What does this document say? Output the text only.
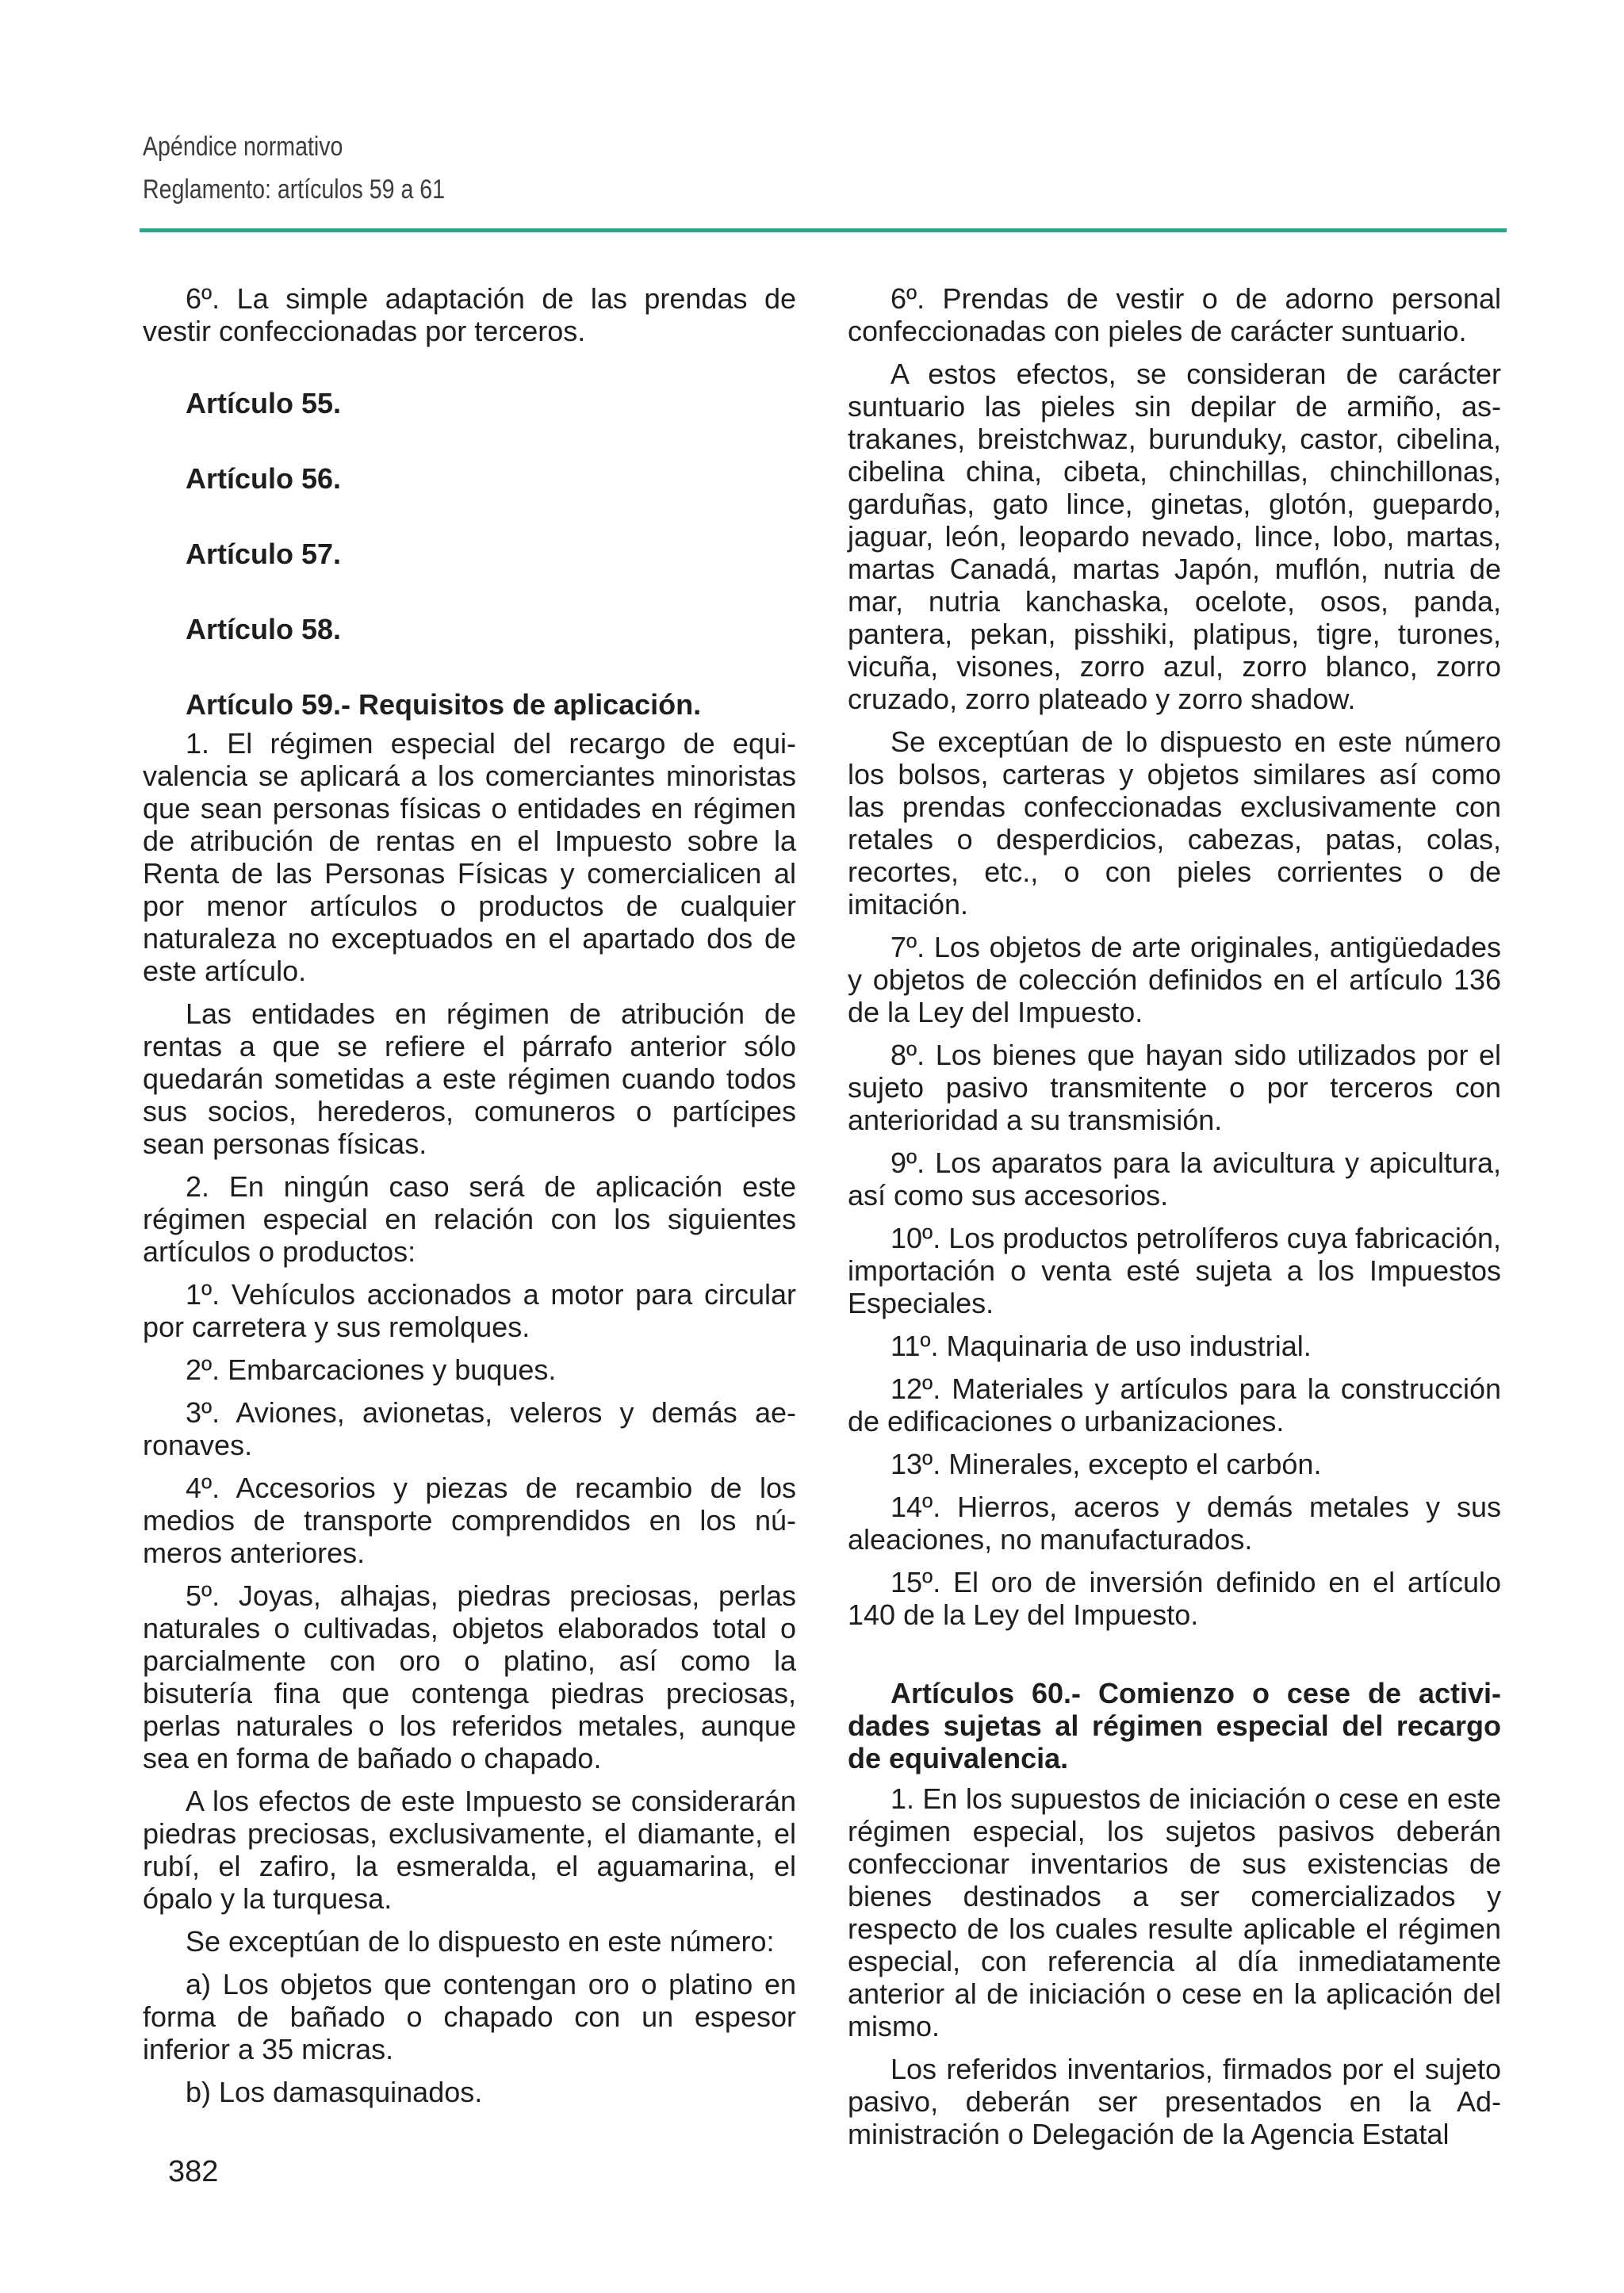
Apéndice normativo
Reglamento: artículos 59 a 61

6º. La simple adaptación de las prendas de vestir confeccionadas por terceros.

Artículo 55.
Artículo 56.
Artículo 57.
Artículo 58.
Artículo 59.- Requisitos de aplicación.

1. El régimen especial del recargo de equivalencia se aplicará a los comerciantes minoristas que sean personas físicas o entidades en régimen de atribución de rentas en el Impuesto sobre la Renta de las Personas Físicas y comercialicen al por menor artículos o productos de cualquier naturaleza no exceptuados en el apartado dos de este artículo.

Las entidades en régimen de atribución de rentas a que se refiere el párrafo anterior sólo quedarán sometidas a este régimen cuando todos sus socios, herederos, comuneros o partícipes sean personas físicas.

2. En ningún caso será de aplicación este régimen especial en relación con los siguientes artículos o productos:

1º. Vehículos accionados a motor para circular por carretera y sus remolques.

2º. Embarcaciones y buques.

3º. Aviones, avionetas, veleros y demás aeronaves.

4º. Accesorios y piezas de recambio de los medios de transporte comprendidos en los números anteriores.

5º. Joyas, alhajas, piedras preciosas, perlas naturales o cultivadas, objetos elaborados total o parcialmente con oro o platino, así como la bisutería fina que contenga piedras preciosas, perlas naturales o los referidos metales, aunque sea en forma de bañado o chapado.

A los efectos de este Impuesto se considerarán piedras preciosas, exclusivamente, el diamante, el rubí, el zafiro, la esmeralda, el aguamarina, el ópalo y la turquesa.

Se exceptúan de lo dispuesto en este número:

a) Los objetos que contengan oro o platino en forma de bañado o chapado con un espesor inferior a 35 micras.

b) Los damasquinados.

6º. Prendas de vestir o de adorno personal confeccionadas con pieles de carácter suntuario.

A estos efectos, se consideran de carácter suntuario las pieles sin depilar de armiño, astrakanes, breistchwaz, burunduky, castor, cibelina, cibelina china, cibeta, chinchillas, chinchillonas, garduñas, gato lince, ginetas, glotón, guepardo, jaguar, león, leopardo nevado, lince, lobo, martas, martas Canadá, martas Japón, muflón, nutria de mar, nutria kanchaska, ocelote, osos, panda, pantera, pekan, pisshiki, platipus, tigre, turones, vicuña, visones, zorro azul, zorro blanco, zorro cruzado, zorro plateado y zorro shadow.

Se exceptúan de lo dispuesto en este número los bolsos, carteras y objetos similares así como las prendas confeccionadas exclusivamente con retales o desperdicios, cabezas, patas, colas, recortes, etc., o con pieles corrientes o de imitación.

7º. Los objetos de arte originales, antigüedades y objetos de colección definidos en el artículo 136 de la Ley del Impuesto.

8º. Los bienes que hayan sido utilizados por el sujeto pasivo transmitente o por terceros con anterioridad a su transmisión.

9º. Los aparatos para la avicultura y apicultura, así como sus accesorios.

10º. Los productos petrolíferos cuya fabricación, importación o venta esté sujeta a los Impuestos Especiales.

11º. Maquinaria de uso industrial.

12º. Materiales y artículos para la construcción de edificaciones o urbanizaciones.

13º. Minerales, excepto el carbón.

14º. Hierros, aceros y demás metales y sus aleaciones, no manufacturados.

15º. El oro de inversión definido en el artículo 140 de la Ley del Impuesto.

Artículos 60.- Comienzo o cese de actividades sujetas al régimen especial del recargo de equivalencia.

1. En los supuestos de iniciación o cese en este régimen especial, los sujetos pasivos deberán confeccionar inventarios de sus existencias de bienes destinados a ser comercializados y respecto de los cuales resulte aplicable el régimen especial, con referencia al día inmediatamente anterior al de iniciación o cese en la aplicación del mismo.

Los referidos inventarios, firmados por el sujeto pasivo, deberán ser presentados en la Administración o Delegación de la Agencia Estatal

382
